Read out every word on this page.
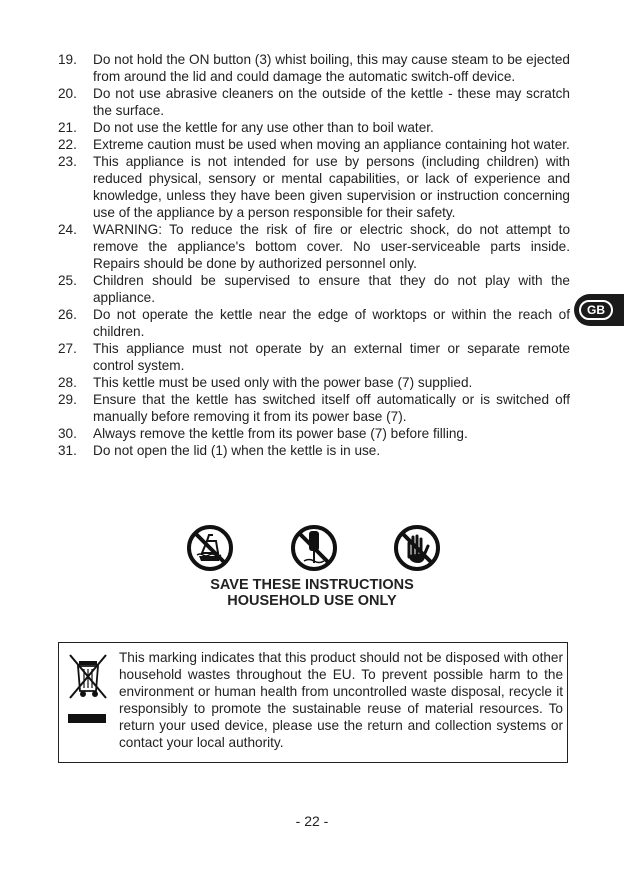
19.	Do not hold the ON button (3) whist boiling, this may cause steam to be ejected from around the lid and could damage the automatic switch-off device.
20.	Do not use abrasive cleaners on the outside of the kettle - these may scratch the surface.
21.	Do not use the kettle for any use other than to boil water.
22.	Extreme caution must be used when moving an appliance containing hot water.
23.	This appliance is not intended for use by persons (including children) with reduced physical, sensory or mental capabilities, or lack of experience and knowledge, unless they have been given supervision or instruction concerning use of the appliance by a person responsible for their safety.
24.	WARNING: To reduce the risk of fire or electric shock, do not attempt to remove the appliance's bottom cover. No user-serviceable parts inside. Repairs should be done by authorized personnel only.
25.	Children should be supervised to ensure that they do not play with the appliance.
26.	Do not operate the kettle near the edge of worktops or within the reach of children.
27.	This appliance must not operate by an external timer or separate remote control system.
28.	This kettle must be used only with the power base (7) supplied.
29.	Ensure that the kettle has switched itself off automatically or is switched off manually before removing it from its power base (7).
30.	Always remove the kettle from its power base (7) before filling.
31.	Do not open the lid (1) when the kettle is in use.
GB
SAVE THESE INSTRUCTIONS
HOUSEHOLD USE ONLY
This marking indicates that this product should not be disposed with other household wastes throughout the EU. To prevent possible harm to the environment or human health from uncontrolled waste disposal, recycle it responsibly to promote the sustainable reuse of material resources. To return your used device, please use the return and collection systems or contact your local authority.
- 22 -
